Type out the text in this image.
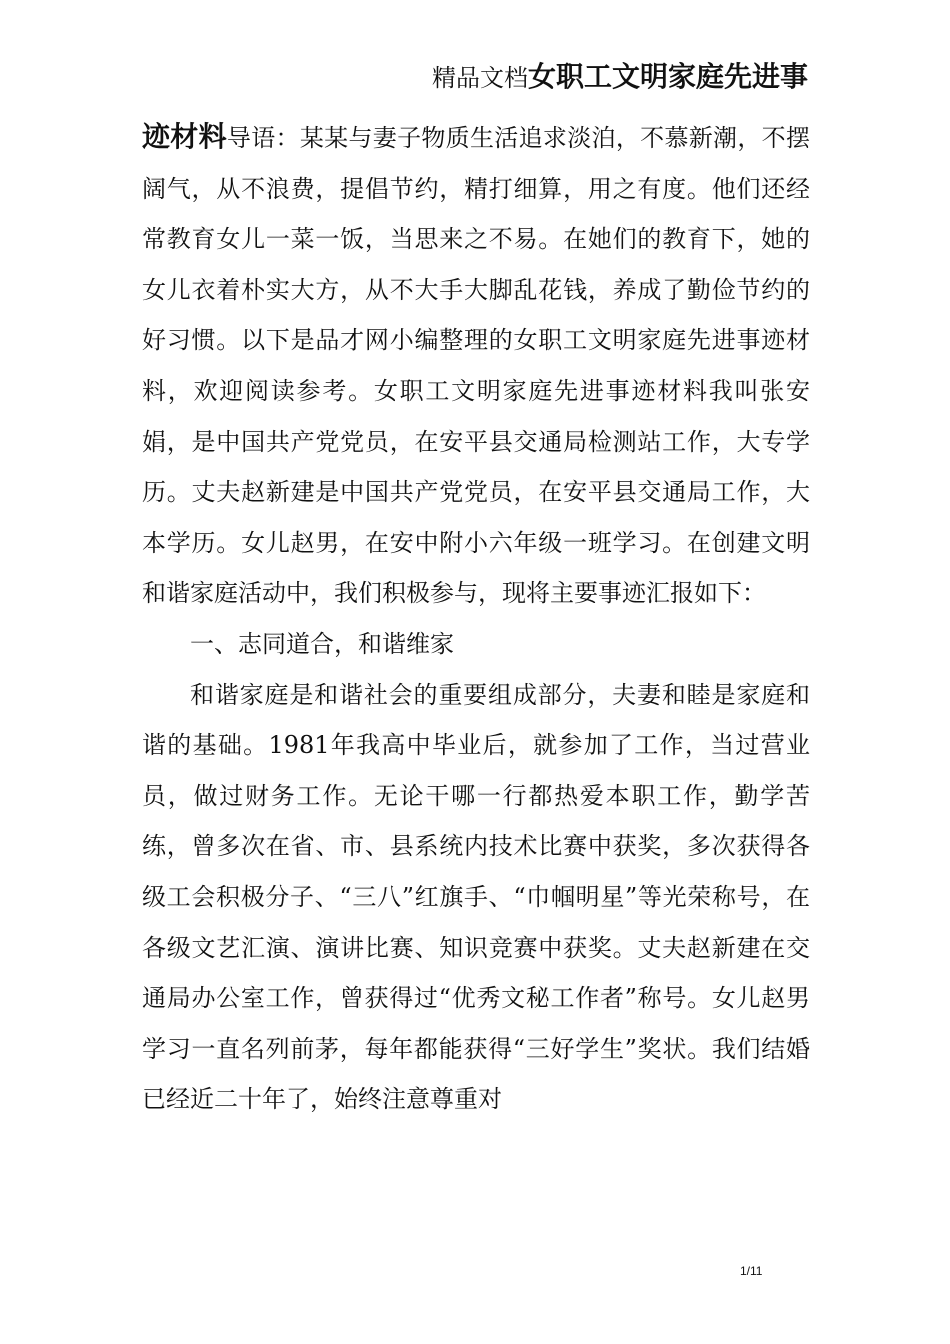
精品文档女职工文明家庭先进事

迹材料导语：某某与妻子物质生活追求淡泊，不慕新潮，不摆阔气，从不浪费，提倡节约，精打细算，用之有度。他们还经常教育女儿一菜一饭，当思来之不易。在她们的教育下，她的女儿衣着朴实大方，从不大手大脚乱花钱，养成了勤俭节约的好习惯。以下是品才网小编整理的女职工文明家庭先进事迹材料，欢迎阅读参考。女职工文明家庭先进事迹材料我叫张安娟，是中国共产党党员，在安平县交通局检测站工作，大专学历。丈夫赵新建是中国共产党党员，在安平县交通局工作，大本学历。女儿赵男，在安中附小六年级一班学习。在创建文明和谐家庭活动中，我们积极参与，现将主要事迹汇报如下：

一、志同道合，和谐维家

和谐家庭是和谐社会的重要组成部分，夫妻和睦是家庭和谐的基础。1981年我高中毕业后，就参加了工作，当过营业员，做过财务工作。无论干哪一行都热爱本职工作，勤学苦练，曾多次在省、市、县系统内技术比赛中获奖，多次获得各级工会积极分子、“三八”红旗手、“巾帼明星”等光荣称号，在各级文艺汇演、演讲比赛、知识竞赛中获奖。丈夫赵新建在交通局办公室工作，曾获得过“优秀文秘工作者”称号。女儿赵男学习一直名列前茅，每年都能获得“三好学生”奖状。我们结婚已经近二十年了，始终注意尊重对

1/11
